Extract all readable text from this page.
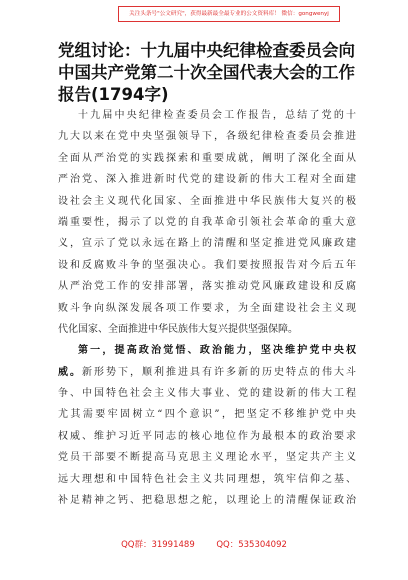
关注头条号"公文研究"，获得最新最全最专业的公文资料库！ 微信：gongwenyj
党组讨论：十九届中央纪律检查委员会向
中国共产党第二十次全国代表大会的工作
报告(1794字)
十九届中央纪律检查委员会工作报告，总结了党的十
九大以来在党中央坚强领导下，各级纪律检查委员会推进
全面从严治党的实践探索和重要成就，阐明了深化全面从
严治党、深入推进新时代党的建设新的伟大工程对全面建
设社会主义现代化国家、全面推进中华民族伟大复兴的极
端重要性，揭示了以党的自我革命引领社会革命的重大意
义，宣示了党以永远在路上的清醒和坚定推进党风廉政建
设和反腐败斗争的坚强决心。我们要按照报告对今后五年
从严治党工作的安排部署，落实推动党风廉政建设和反腐
败斗争向纵深发展各项工作要求，为全面建设社会主义现
代化国家、全面推进中华民族伟大复兴提供坚强保障。
第一，提高政治觉悟、政治能力，坚决维护党中央权
威。新形势下，顺利推进具有许多新的历史特点的伟大斗
争、中国特色社会主义伟大事业、党的建设新的伟大工程
尤其需要牢固树立“四个意识”，把坚定不移维护党中央
权威、维护习近平同志的核心地位作为最根本的政治要求
党员干部要不断提高马克思主义理论水平，坚定共产主义
远大理想和中国特色社会主义共同理想，筑牢信仰之基、
补足精神之钙、把稳思想之舵，以理论上的清醒保证政治
QQ群：31991489        QQ：535304092
